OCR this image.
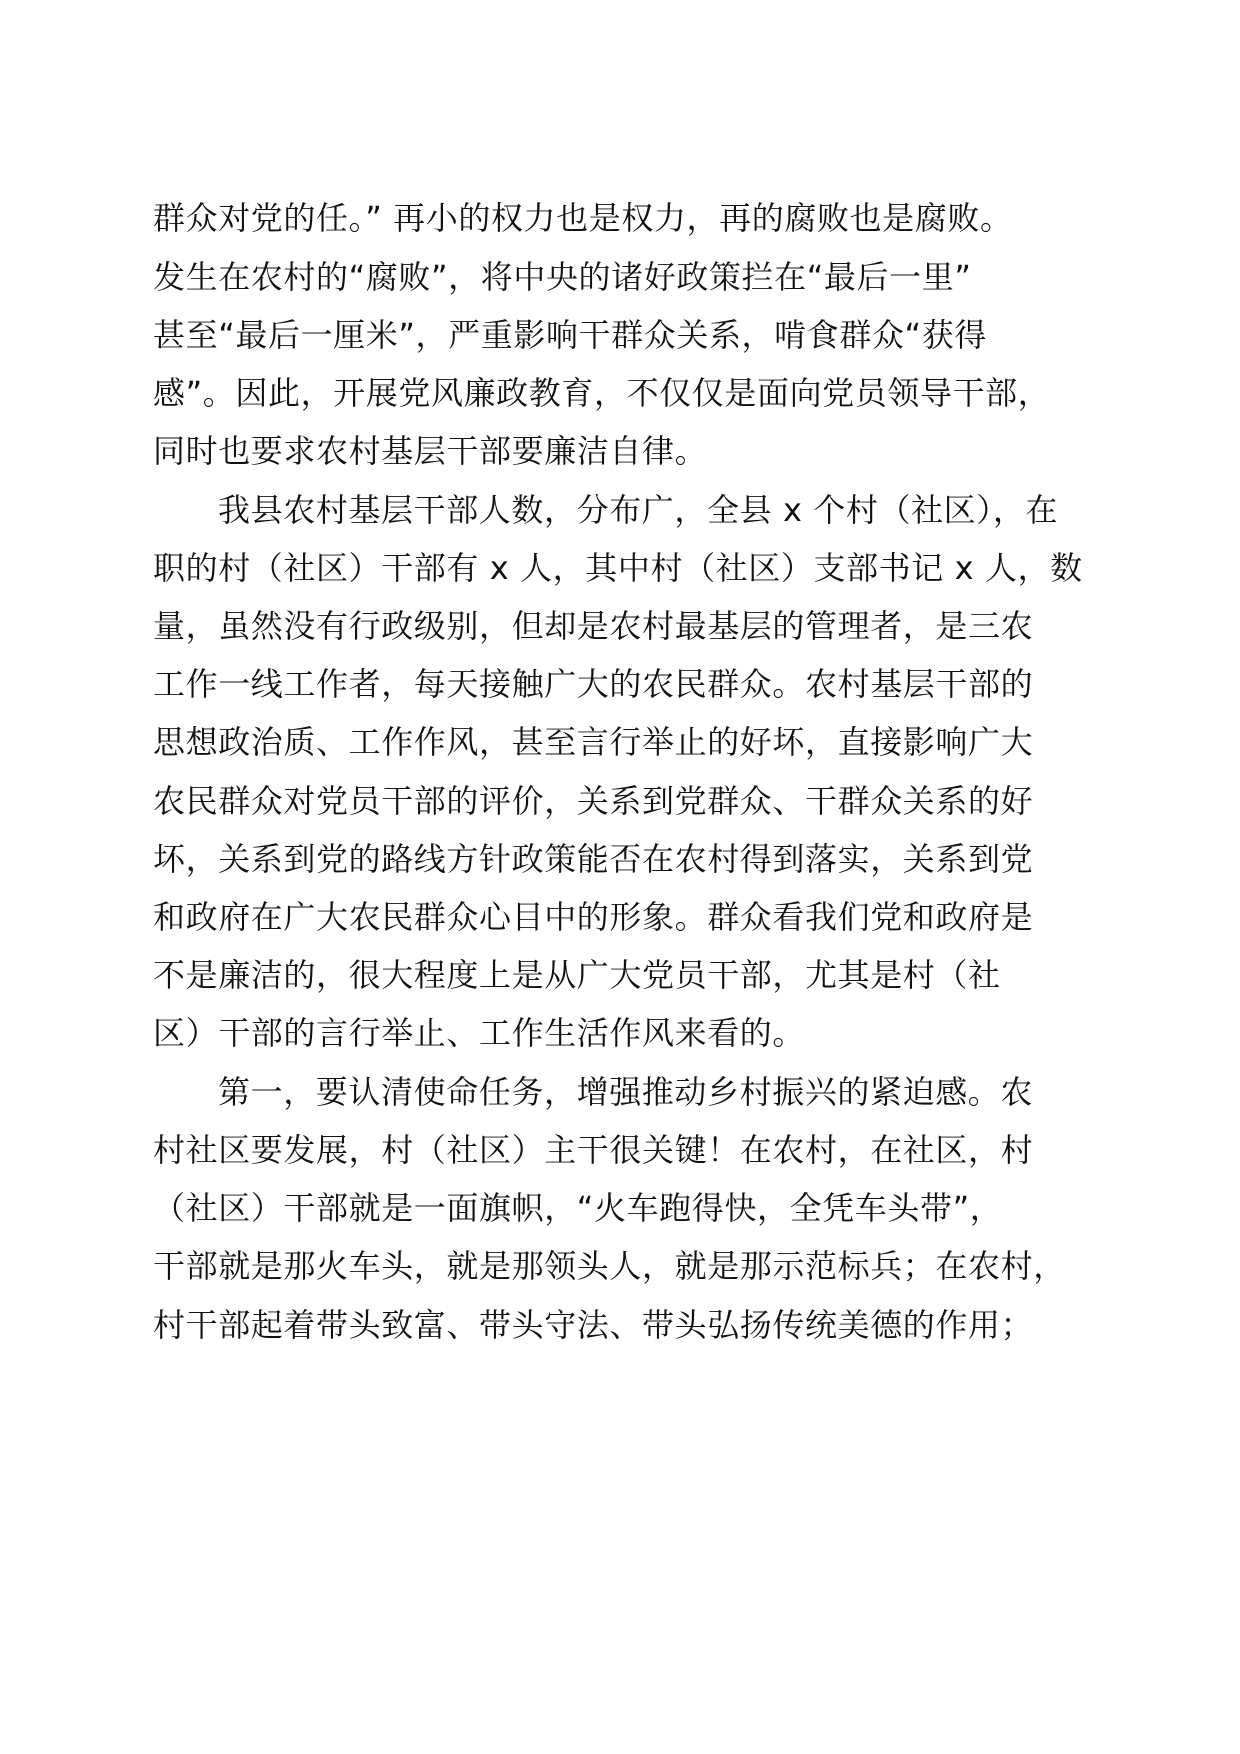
群众对党的任。” 再小的权力也是权力，再的腐败也是腐败。
发生在农村的“腐败”，将中央的诸好政策拦在“最后一里”
甚至“最后一厘米”，严重影响干群众关系，啃食群众“获得
感”。因此，开展党风廉政教育，不仅仅是面向党员领导干部，
同时也要求农村基层干部要廉洁自律。
我县农村基层干部人数，分布广，全县 x 个村（社区），在
职的村（社区）干部有 x 人，其中村（社区）支部书记 x 人，数
量，虽然没有行政级别，但却是农村最基层的管理者，是三农
工作一线工作者，每天接触广大的农民群众。农村基层干部的
思想政治质、工作作风，甚至言行举止的好坏，直接影响广大
农民群众对党员干部的评价，关系到党群众、干群众关系的好
坏，关系到党的路线方针政策能否在农村得到落实，关系到党
和政府在广大农民群众心目中的形象。群众看我们党和政府是
不是廉洁的，很大程度上是从广大党员干部，尤其是村（社
区）干部的言行举止、工作生活作风来看的。
第一，要认清使命任务，增强推动乡村振兴的紧迫感。农
村社区要发展，村（社区）主干很关键！在农村，在社区，村
（社区）干部就是一面旗帜，“火车跑得快，全凭车头带”，
干部就是那火车头，就是那领头人，就是那示范标兵；在农村，
村干部起着带头致富、带头守法、带头弘扬传统美德的作用；
